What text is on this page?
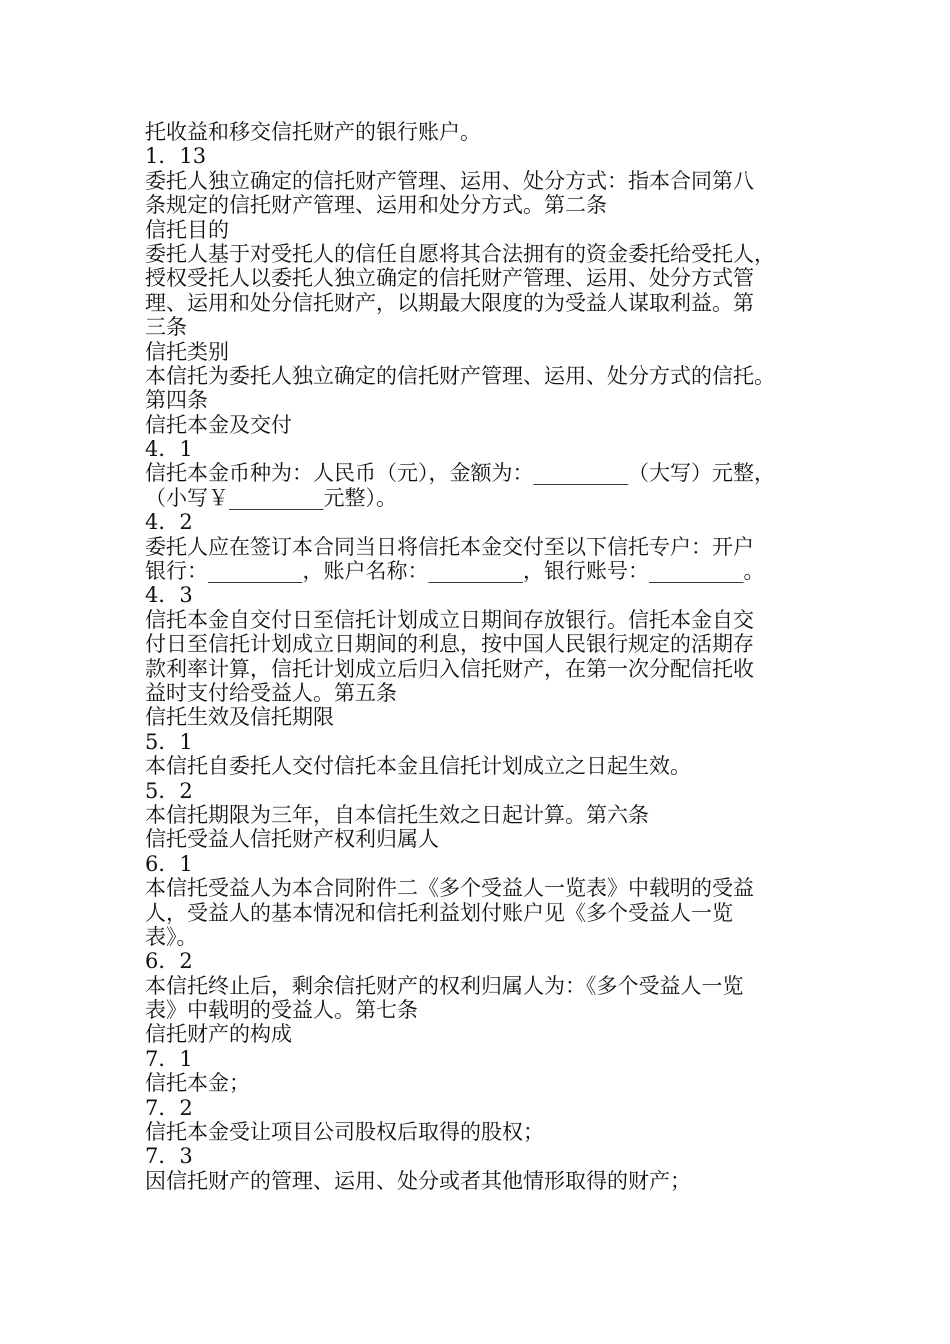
托收益和移交信托财产的银行账户。
1．13
委托人独立确定的信托财产管理、运用、处分方式：指本合同第八
条规定的信托财产管理、运用和处分方式。第二条
信托目的
委托人基于对受托人的信任自愿将其合法拥有的资金委托给受托人，
授权受托人以委托人独立确定的信托财产管理、运用、处分方式管
理、运用和处分信托财产，以期最大限度的为受益人谋取利益。第
三条
信托类别
本信托为委托人独立确定的信托财产管理、运用、处分方式的信托。
第四条
信托本金及交付
4．1
信托本金币种为：人民币（元），金额为：_________（大写）元整，
（小写￥_________元整）。
4．2
委托人应在签订本合同当日将信托本金交付至以下信托专户：开户
银行：_________，账户名称：_________，银行账号：_________。
4．3
信托本金自交付日至信托计划成立日期间存放银行。信托本金自交
付日至信托计划成立日期间的利息，按中国人民银行规定的活期存
款利率计算，信托计划成立后归入信托财产，在第一次分配信托收
益时支付给受益人。第五条
信托生效及信托期限
5．1
本信托自委托人交付信托本金且信托计划成立之日起生效。
5．2
本信托期限为三年，自本信托生效之日起计算。第六条
信托受益人信托财产权利归属人
6．1
本信托受益人为本合同附件二《多个受益人一览表》中载明的受益
人，受益人的基本情况和信托利益划付账户见《多个受益人一览
表》。
6．2
本信托终止后，剩余信托财产的权利归属人为：《多个受益人一览
表》中载明的受益人。第七条
信托财产的构成
7．1
信托本金；
7．2
信托本金受让项目公司股权后取得的股权；
7．3
因信托财产的管理、运用、处分或者其他情形取得的财产；
